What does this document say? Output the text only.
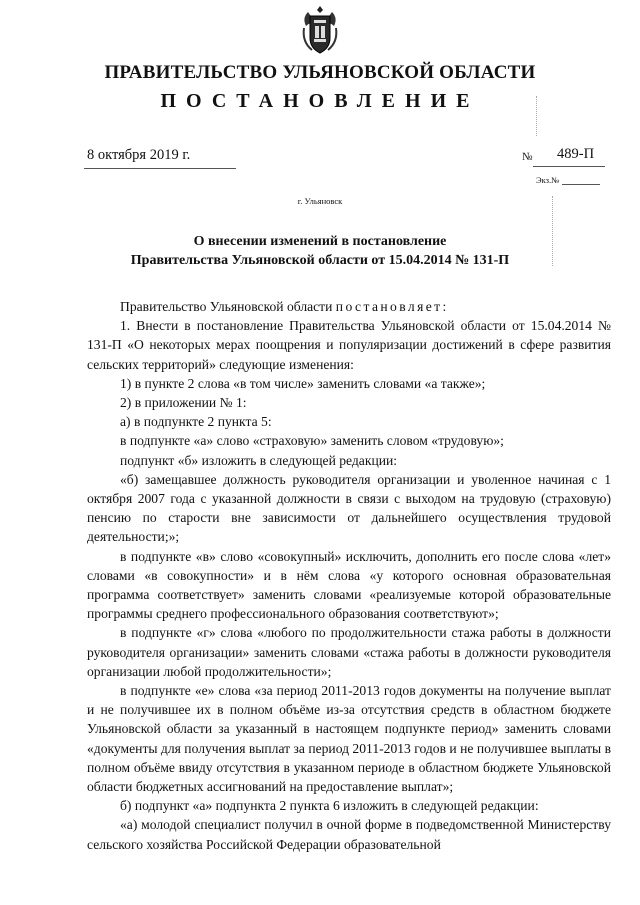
ПРАВИТЕЛЬСТВО УЛЬЯНОВСКОЙ ОБЛАСТИ
ПОСТАНОВЛЕНИЕ
8 октября 2019 г.	№ 489-П
Экз.№
г. Ульяновск
О внесении изменений в постановление
Правительства Ульяновской области от 15.04.2014 № 131-П

Правительство Ульяновской области постановляет:

1. Внести в постановление Правительства Ульяновской области от 15.04.2014 № 131-П «О некоторых мерах поощрения и популяризации достижений в сфере развития сельских территорий» следующие изменения:

1) в пункте 2 слова «в том числе» заменить словами «а также»;

2) в приложении № 1:

а) в подпункте 2 пункта 5:

в подпункте «а» слово «страховую» заменить словом «трудовую»;

подпункт «б» изложить в следующей редакции:

«б) замещавшее должность руководителя организации и уволенное начиная с 1 октября 2007 года с указанной должности в связи с выходом на трудовую (страховую) пенсию по старости вне зависимости от дальнейшего осуществления трудовой деятельности;»;

в подпункте «в» слово «совокупный» исключить, дополнить его после слова «лет» словами «в совокупности» и в нём слова «у которого основная образовательная программа соответствует» заменить словами «реализуемые которой образовательные программы среднего профессионального образования соответствуют»;

в подпункте «г» слова «любого по продолжительности стажа работы в должности руководителя организации» заменить словами «стажа работы в должности руководителя организации любой продолжительности»;

в подпункте «е» слова «за период 2011-2013 годов документы на получение выплат и не получившее их в полном объёме из-за отсутствия средств в областном бюджете Ульяновской области за указанный в настоящем подпункте период» заменить словами «документы для получения выплат за период 2011-2013 годов и не получившее выплаты в полном объёме ввиду отсутствия в указанном периоде в областном бюджете Ульяновской области бюджетных ассигнований на предоставление выплат»;

б) подпункт «а» подпункта 2 пункта 6 изложить в следующей редакции:

«а) молодой специалист получил в очной форме в подведомственной Министерству сельского хозяйства Российской Федерации образовательной
